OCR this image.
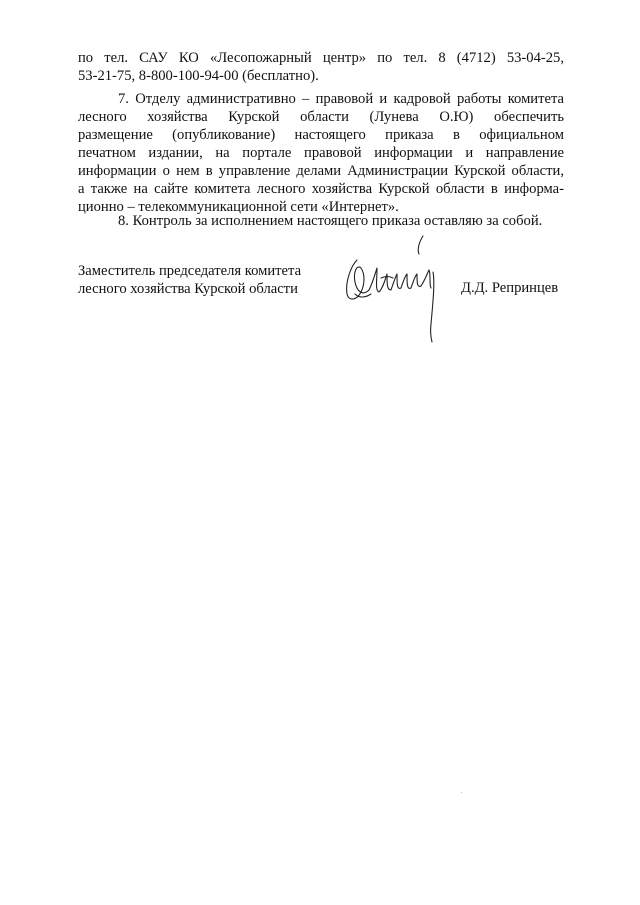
по тел. САУ КО «Лесопожарный центр» по тел. 8 (4712) 53-04-25,
53-21-75, 8-800-100-94-00 (бесплатно).
7. Отделу административно – правовой и кадровой работы комитета
лесного хозяйства Курской области (Лунева О.Ю) обеспечить
размещение (опубликование) настоящего приказа в официальном
печатном издании, на портале правовой информации и направление
информации о нем в управление делами Администрации Курской области,
а также на сайте комитета лесного хозяйства Курской области в информа-
ционно – телекоммуникационной сети «Интернет».
8. Контроль за исполнением настоящего приказа оставляю за собой.
Заместитель председателя комитета
лесного хозяйства Курской области	Д.Д. Репринцев
